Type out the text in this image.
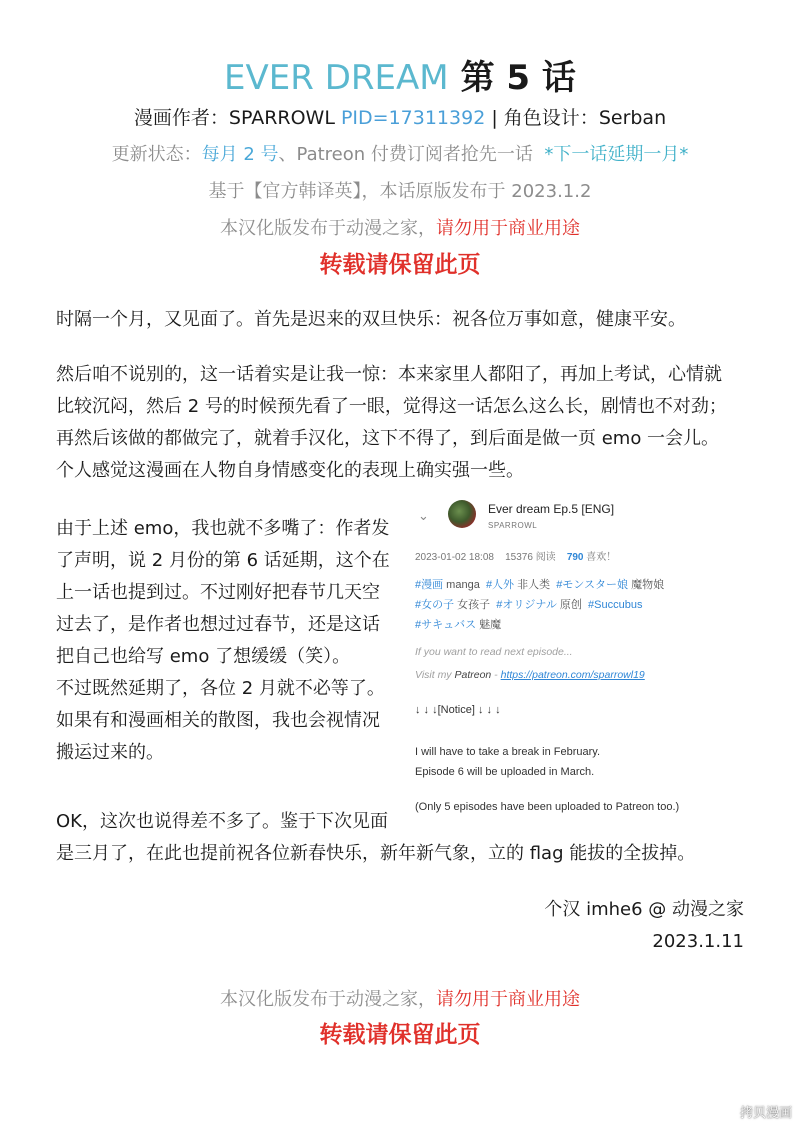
EVER DREAM 第 5 话
漫画作者：SPARROWL PID=17311392 | 角色设计：Serban
更新状态：每月 2 号、Patreon 付费订阅者抢先一话 *下一话延期一月*
基于【官方韩译英】，本话原版发布于 2023.1.2
本汉化版发布于动漫之家，请勿用于商业用途
转载请保留此页
时隔一个月，又见面了。首先是迟来的双旦快乐：祝各位万事如意，健康平安。
然后咱不说别的，这一话着实是让我一惊：本来家里人都阳了，再加上考试，心情就
比较沉闷，然后 2 号的时候预先看了一眼，觉得这一话怎么这么长，剧情也不对劲；
再然后该做的都做完了，就着手汉化，这下不得了，到后面是做一页 emo 一会儿。
个人感觉这漫画在人物自身情感变化的表现上确实强一些。
由于上述 emo，我也就不多嘴了：作者发
了声明，说 2 月份的第 6 话延期，这个在
上一话也提到过。不过刚好把春节几天空
过去了，是作者也想过过春节，还是这话
把自己也给写 emo 了想缓缓（笑）。
不过既然延期了，各位 2 月就不必等了。
如果有和漫画相关的散图，我也会视情况
搬运过来的。
OK，这次也说得差不多了。鉴于下次见面
是三月了，在此也提前祝各位新春快乐，新年新气象，立的 flag 能拔的全拔掉。
⌄	Ever dream Ep.5 [ENG]
SPARROWL
2023-01-02 18:08 15376 阅读 790 喜欢！
#漫画 manga  #人外 非人类  #モンスター娘 魔物娘
#女の子 女孩子  #オリジナル 原创  #Succubus
#サキュバス 魅魔
If you want to read next episode...
Visit my Patreon - https://patreon.com/sparrowl19
↓ ↓ ↓[Notice] ↓ ↓ ↓
I will have to take a break in February.
Episode 6 will be uploaded in March.
(Only 5 episodes have been uploaded to Patreon too.)
个汉 imhe6 @ 动漫之家
2023.1.11
本汉化版发布于动漫之家，请勿用于商业用途
转载请保留此页
拷贝漫画
